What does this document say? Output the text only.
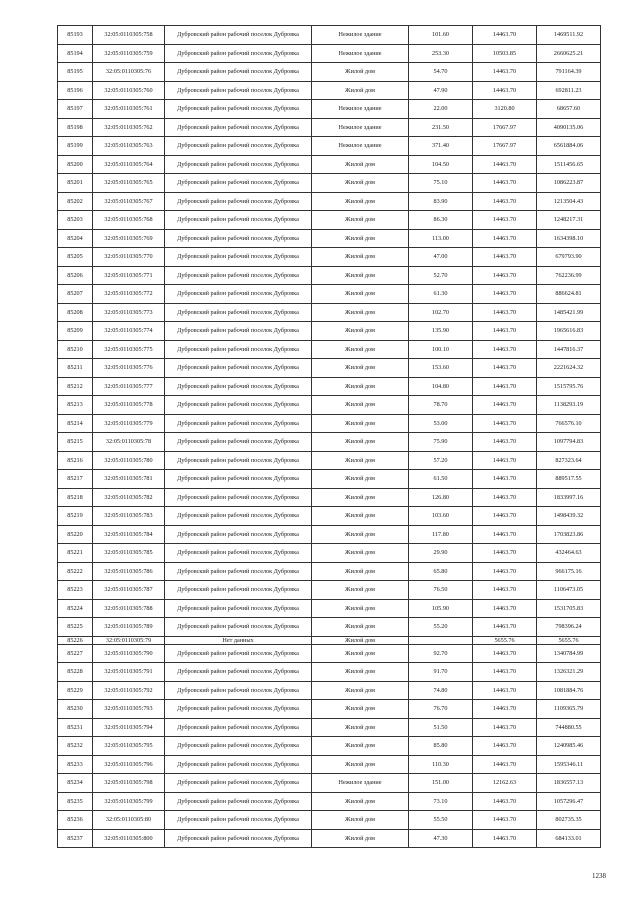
85193	32:05:0110305:758	Дубровский район рабочий поселок Дубровка	Нежилое здание	101.60	14463.70	1469511.92
85194	32:05:0110305:759	Дубровский район рабочий поселок Дубровка	Нежилое здание	253.30	10503.85	2660625.21
85195	32:05:0110305:76	Дубровский район рабочий поселок Дубровка	Жилой дом	54.70	14463.70	791164.39
85196	32:05:0110305:760	Дубровский район рабочий поселок Дубровка	Жилой дом	47.90	14463.70	692811.23
85197	32:05:0110305:761	Дубровский район рабочий поселок Дубровка	Нежилое здание	22.00	3120.80	68657.60
85198	32:05:0110305:762	Дубровский район рабочий поселок Дубровка	Нежилое здание	231.50	17667.97	4090135.06
85199	32:05:0110305:763	Дубровский район рабочий поселок Дубровка	Нежилое здание	371.40	17667.97	6561884.06
85200	32:05:0110305:764	Дубровский район рабочий поселок Дубровка	Жилой дом	104.50	14463.70	1511456.65
85201	32:05:0110305:765	Дубровский район рабочий поселок Дубровка	Жилой дом	75.10	14463.70	1086223.87
85202	32:05:0110305:767	Дубровский район рабочий поселок Дубровка	Жилой дом	83.90	14463.70	1213504.43
85203	32:05:0110305:768	Дубровский район рабочий поселок Дубровка	Жилой дом	86.30	14463.70	1248217.31
85204	32:05:0110305:769	Дубровский район рабочий поселок Дубровка	Жилой дом	113.00	14463.70	1634398.10
85205	32:05:0110305:770	Дубровский район рабочий поселок Дубровка	Жилой дом	47.00	14463.70	679793.90
85206	32:05:0110305:771	Дубровский район рабочий поселок Дубровка	Жилой дом	52.70	14463.70	762236.99
85207	32:05:0110305:772	Дубровский район рабочий поселок Дубровка	Жилой дом	61.30	14463.70	886624.81
85208	32:05:0110305:773	Дубровский район рабочий поселок Дубровка	Жилой дом	102.70	14463.70	1485421.99
85209	32:05:0110305:774	Дубровский район рабочий поселок Дубровка	Жилой дом	135.90	14463.70	1965616.83
85210	32:05:0110305:775	Дубровский район рабочий поселок Дубровка	Жилой дом	100.10	14463.70	1447816.37
85211	32:05:0110305:776	Дубровский район рабочий поселок Дубровка	Жилой дом	153.60	14463.70	2221624.32
85212	32:05:0110305:777	Дубровский район рабочий поселок Дубровка	Жилой дом	104.80	14463.70	1515795.76
85213	32:05:0110305:778	Дубровский район рабочий поселок Дубровка	Жилой дом	78.70	14463.70	1138293.19
85214	32:05:0110305:779	Дубровский район рабочий поселок Дубровка	Жилой дом	53.00	14463.70	766576.10
85215	32:05:0110305:78	Дубровский район рабочий поселок Дубровка	Жилой дом	75.90	14463.70	1097794.83
85216	32:05:0110305:780	Дубровский район рабочий поселок Дубровка	Жилой дом	57.20	14463.70	827323.64
85217	32:05:0110305:781	Дубровский район рабочий поселок Дубровка	Жилой дом	61.50	14463.70	889517.55
85218	32:05:0110305:782	Дубровский район рабочий поселок Дубровка	Жилой дом	126.80	14463.70	1833997.16
85219	32:05:0110305:783	Дубровский район рабочий поселок Дубровка	Жилой дом	103.60	14463.70	1498439.32
85220	32:05:0110305:784	Дубровский район рабочий поселок Дубровка	Жилой дом	117.80	14463.70	1703823.86
85221	32:05:0110305:785	Дубровский район рабочий поселок Дубровка	Жилой дом	29.90	14463.70	432464.63
85222	32:05:0110305:786	Дубровский район рабочий поселок Дубровка	Жилой дом	65.80	14463.70	966175.16
85223	32:05:0110305:787	Дубровский район рабочий поселок Дубровка	Жилой дом	76.50	14463.70	1106473.05
85224	32:05:0110305:788	Дубровский район рабочий поселок Дубровка	Жилой дом	105.90	14463.70	1531705.83
85225	32:05:0110305:789	Дубровский район рабочий поселок Дубровка	Жилой дом	55.20	14463.70	798396.24
85226	32:05:0110305:79	Нет данных	Жилой дом		5655.76	5655.76
85227	32:05:0110305:790	Дубровский район рабочий поселок Дубровка	Жилой дом	92.70	14463.70	1340784.99
85228	32:05:0110305:791	Дубровский район рабочий поселок Дубровка	Жилой дом	91.70	14463.70	1326321.29
85229	32:05:0110305:792	Дубровский район рабочий поселок Дубровка	Жилой дом	74.80	14463.70	1081884.76
85230	32:05:0110305:793	Дубровский район рабочий поселок Дубровка	Жилой дом	76.70	14463.70	1109365.79
85231	32:05:0110305:794	Дубровский район рабочий поселок Дубровка	Жилой дом	51.50	14463.70	744880.55
85232	32:05:0110305:795	Дубровский район рабочий поселок Дубровка	Жилой дом	85.80	14463.70	1240985.46
85233	32:05:0110305:796	Дубровский район рабочий поселок Дубровка	Жилой дом	110.30	14463.70	1595346.11
85234	32:05:0110305:798	Дубровский район рабочий поселок Дубровка	Нежилое здание	151.00	12162.63	1836557.13
85235	32:05:0110305:799	Дубровский район рабочий поселок Дубровка	Жилой дом	73.10	14463.70	1057296.47
85236	32:05:0110305:80	Дубровский район рабочий поселок Дубровка	Жилой дом	55.50	14463.70	802735.35
85237	32:05:0110305:800	Дубровский район рабочий поселок Дубровка	Жилой дом	47.30	14463.70	684133.01
1238
